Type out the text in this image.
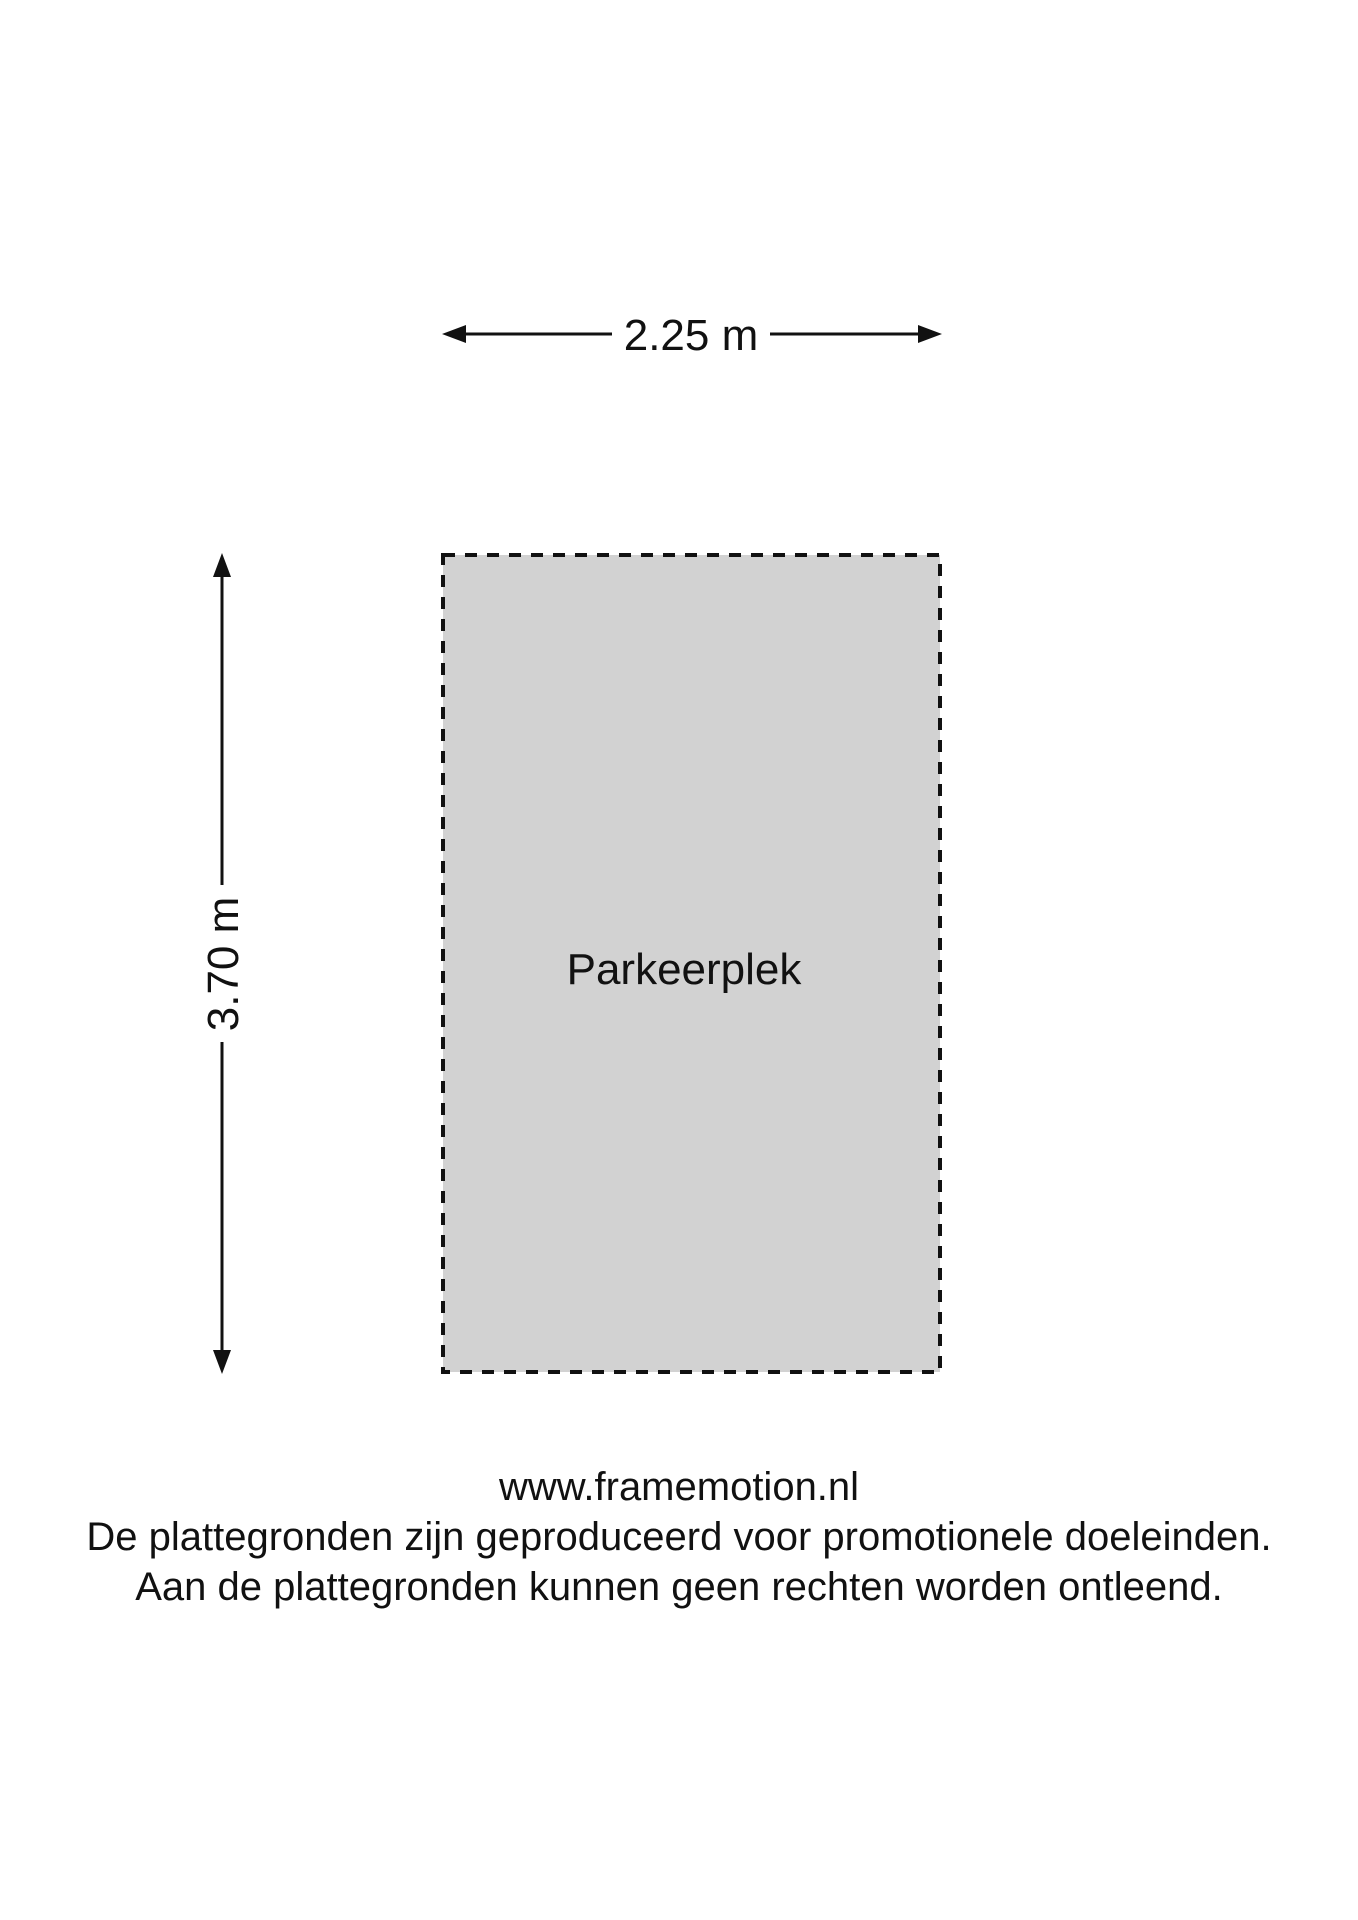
Parkeerplek
2.25 m
3.70 m
www.framemotion.nl
De plattegronden zijn geproduceerd voor promotionele doeleinden.
Aan de plattegronden kunnen geen rechten worden ontleend.
